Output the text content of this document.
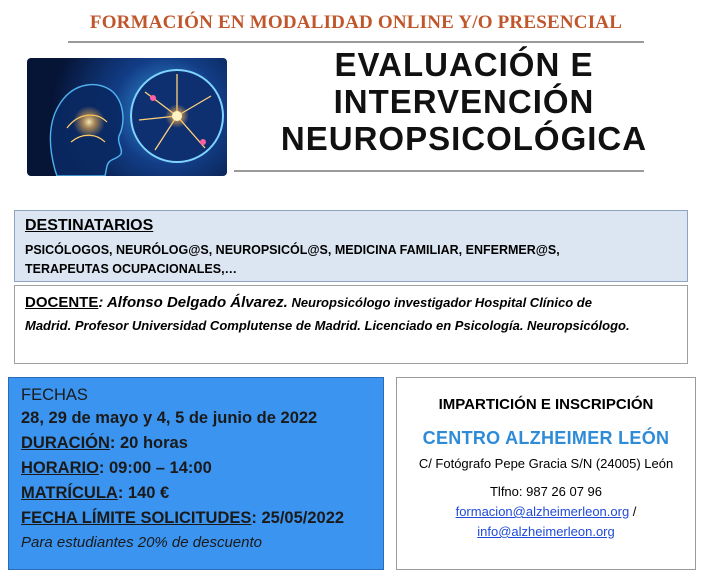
FORMACIÓN EN MODALIDAD ONLINE Y/O PRESENCIAL
EVALUACIÓN E
INTERVENCIÓN
NEUROPSICOLÓGICA
DESTINATARIOS
PSICÓLOGOS, NEURÓLOG@S, NEUROPSICÓL@S, MEDICINA FAMILIAR, ENFERMER@S,
TERAPEUTAS OCUPACIONALES,…
DOCENTE: Alfonso Delgado Álvarez. Neuropsicólogo investigador Hospital Clínico de
Madrid. Profesor Universidad Complutense de Madrid. Licenciado en Psicología. Neuropsicólogo.
FECHAS
28, 29 de mayo y 4, 5 de junio de 2022
DURACIÓN: 20 horas
HORARIO: 09:00 – 14:00
MATRÍCULA: 140 €
FECHA LÍMITE SOLICITUDES: 25/05/2022
Para estudiantes 20% de descuento
IMPARTICIÓN E INSCRIPCIÓN
CENTRO ALZHEIMER LEÓN
C/ Fotógrafo Pepe Gracia S/N (24005) León
Tlfno: 987 26 07 96
formacion@alzheimerleon.org /
info@alzheimerleon.org
